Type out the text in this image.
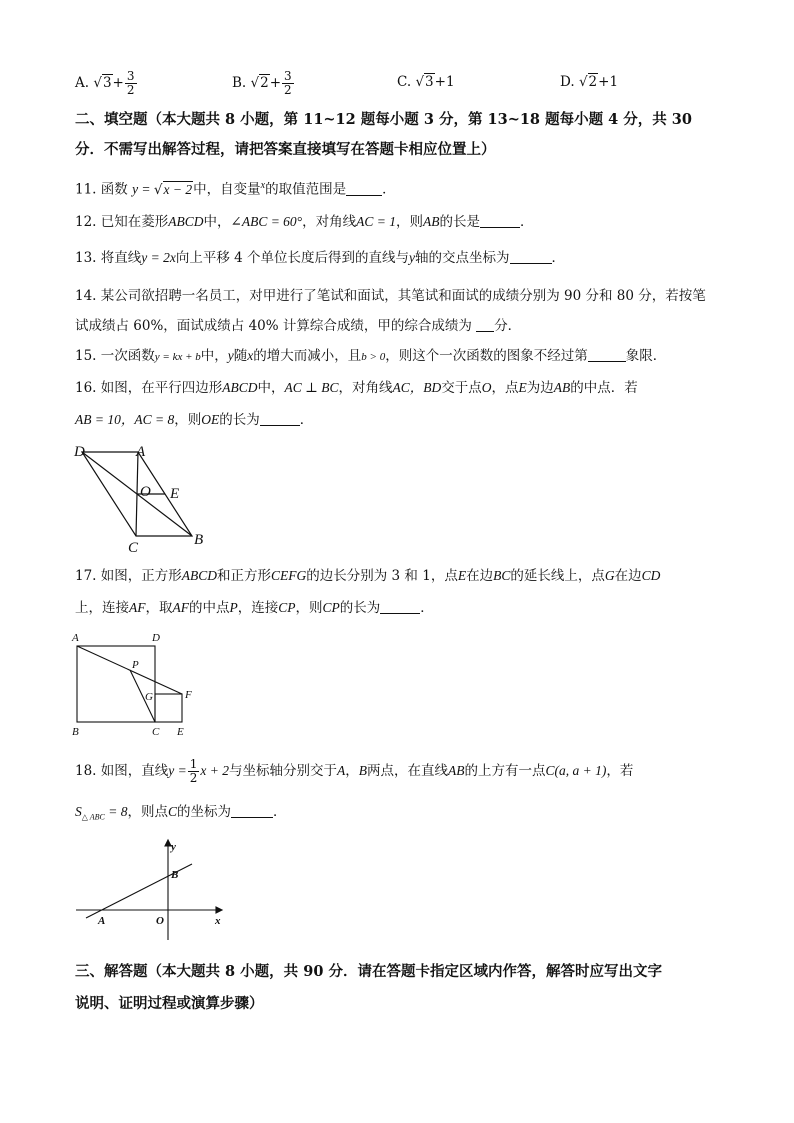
A. $√3+ \frac{3}{2}$	B. $√2+ \frac{3}{2}$	C. √3+1	D. √2+1
二、填空题（本大题共 8 小题，第 11~12 题每小题 3 分，第 13~18 题每小题 4 分，共 30
分．不需写出解答过程，请把答案直接填写在答题卡相应位置上）
11. 函数 y = √x − 2中，自变量$^x$的取值范围是	．
12. 已知在菱形ABCD中，∠ABC = 60°，对角线AC = 1，则AB的长是	．
13. 将直线y = 2x向上平移 4 个单位长度后得到的直线与y轴的交点坐标为	．
14. 某公司欲招聘一名员工，对甲进行了笔试和面试，其笔试和面试的成绩分别为 90 分和 80 分，若按笔
试成绩占 60%，面试成绩占 40% 计算综合成绩，甲的综合成绩为 分．
15. 一次函数y = kx + b中，y随x的增大而减小，且b > 0，则这个一次函数的图象不经过第	象限．
16. 如图，在平行四边形ABCD中，AC ⊥ BC，对角线AC，BD交于点O，点E为边AB的中点．若
AB = 10，AC = 8，则OE的长为	．
D	A
O E
C	B
17. 如图，正方形ABCD和正方形CEFG的边长分别为 3 和 1，点E在边BC的延长线上，点G在边CD
上，连接AF，取AF的中点P，连接CP，则CP的长为	．
A	D
P
G	F
B	C E
18. 如图，直线$y = \frac{1}{2}$ x + 2与坐标轴分别交于A，B两点，在直线AB的上方有一点C(a, a + 1)，若
$S_{\triangle ABC} = 8$，则点C的坐标为	．
y
B
A	O	x
三、解答题（本大题共 8 小题，共 90 分．请在答题卡指定区域内作答，解答时应写出文字
说明、证明过程或演算步骤）
